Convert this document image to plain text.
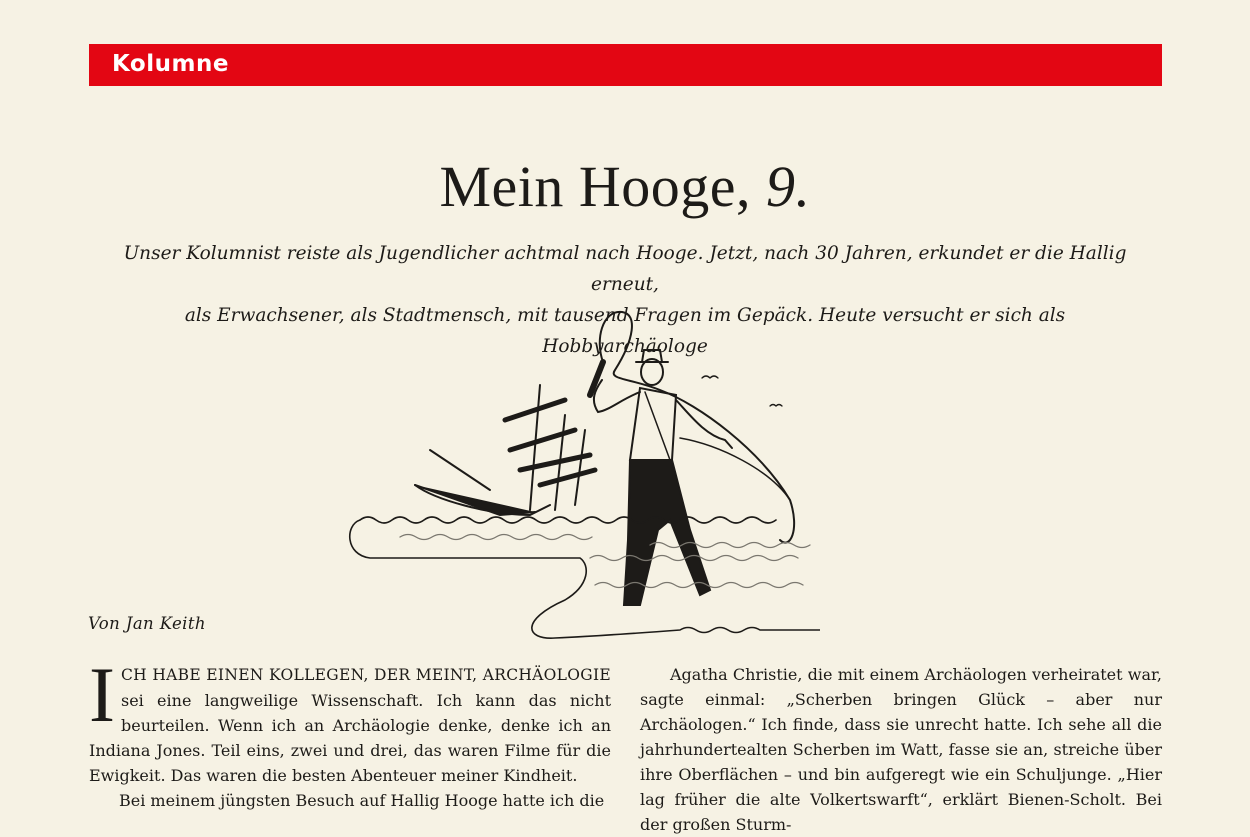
Kolumne
Mein Hooge, 9.
Unser Kolumnist reiste als Jugendlicher achtmal nach Hooge. Jetzt, nach 30 Jahren, erkundet er die Hallig erneut,
als Erwachsener, als Stadtmensch, mit tausend Fragen im Gepäck. Heute versucht er sich als Hobbyarchäologe
Von Jan Keith

ICH HABE EINEN KOLLEGEN, DER MEINT, ARCHÄOLOGIE sei eine langweilige Wissenschaft. Ich kann das nicht beurteilen. Wenn ich an Archäologie denke, denke ich an Indiana Jones. Teil eins, zwei und drei, das waren Filme für die Ewigkeit. Das waren die besten Abenteuer meiner Kindheit.

Bei meinem jüngsten Besuch auf Hallig Hooge hatte ich die

Agatha Christie, die mit einem Archäologen verheiratet war, sagte einmal: „Scherben bringen Glück – aber nur Archäologen.“ Ich finde, dass sie unrecht hatte. Ich sehe all die jahrhundertealten Scherben im Watt, fasse sie an, streiche über ihre Oberflächen – und bin aufgeregt wie ein Schuljunge. „Hier lag früher die alte Volkertswarft“, erklärt Bienen-Scholt. Bei der großen Sturm-
